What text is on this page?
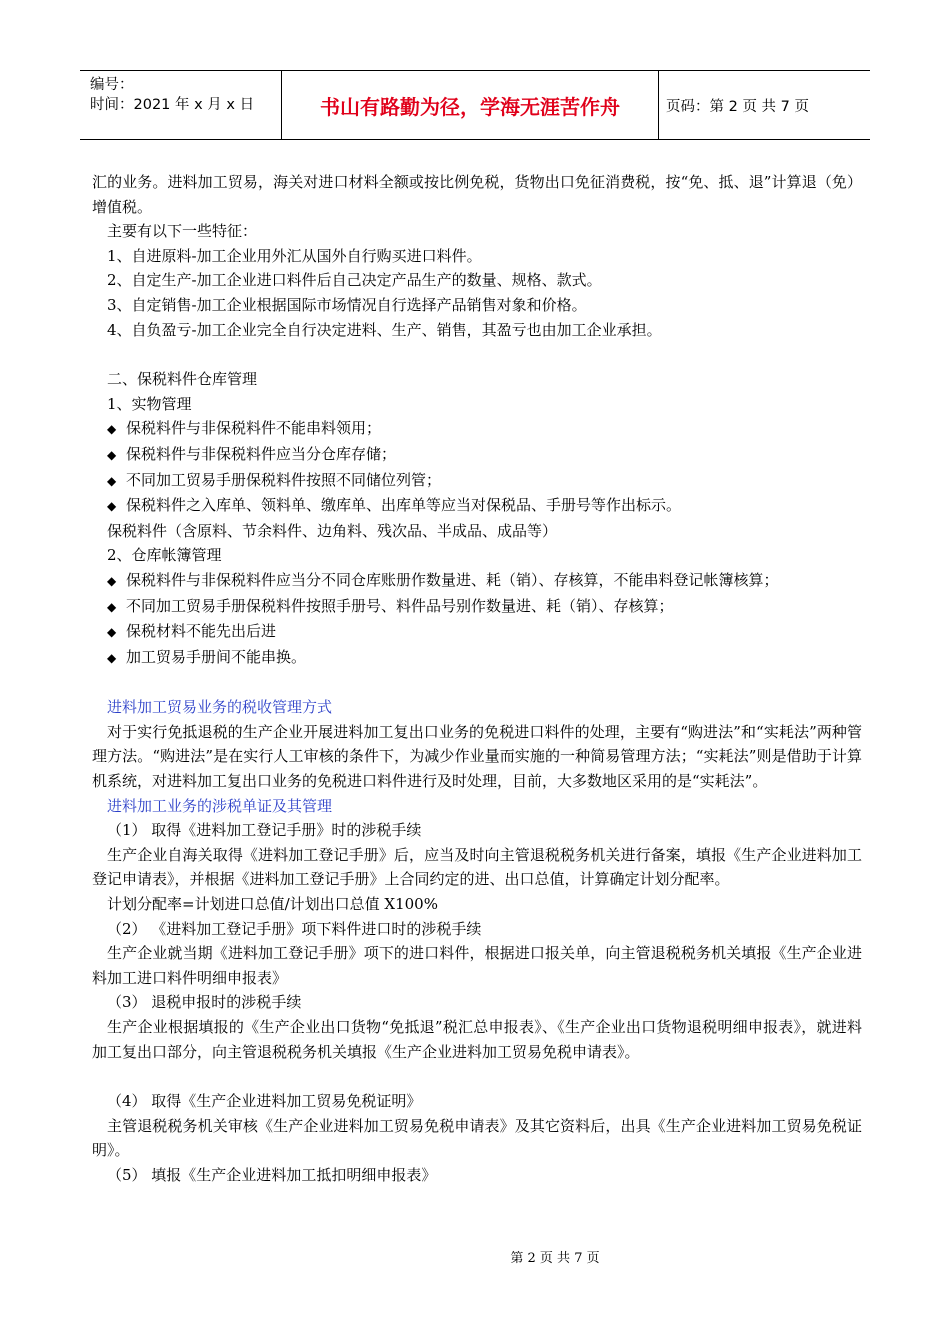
编号：
时间：2021 年 x 月 x 日	书山有路勤为径，学海无涯苦作舟	页码：第 2 页 共 7 页

汇的业务。进料加工贸易，海关对进口材料全额或按比例免税，货物出口免征消费税，按“免、抵、退”计算退（免）增值税。

主要有以下一些特征：

1、自进原料-加工企业用外汇从国外自行购买进口料件。

2、自定生产-加工企业进口料件后自己决定产品生产的数量、规格、款式。

3、自定销售-加工企业根据国际市场情况自行选择产品销售对象和价格。

4、自负盈亏-加工企业完全自行决定进料、生产、销售，其盈亏也由加工企业承担。

二、保税料件仓库管理

1、实物管理

◆ 保税料件与非保税料件不能串料领用；

◆ 保税料件与非保税料件应当分仓库存储；

◆ 不同加工贸易手册保税料件按照不同储位列管；

◆ 保税料件之入库单、领料单、缴库单、出库单等应当对保税品、手册号等作出标示。

保税料件（含原料、节余料件、边角料、残次品、半成品、成品等）

2、仓库帐簿管理

◆ 保税料件与非保税料件应当分不同仓库账册作数量进、耗（销）、存核算，不能串料登记帐簿核算；

◆ 不同加工贸易手册保税料件按照手册号、料件品号别作数量进、耗（销）、存核算；

◆ 保税材料不能先出后进

◆ 加工贸易手册间不能串换。

进料加工贸易业务的税收管理方式

对于实行免抵退税的生产企业开展进料加工复出口业务的免税进口料件的处理，主要有“购进法”和“实耗法”两种管理方法。“购进法”是在实行人工审核的条件下，为减少作业量而实施的一种简易管理方法；“实耗法”则是借助于计算机系统，对进料加工复出口业务的免税进口料件进行及时处理，目前，大多数地区采用的是“实耗法”。

进料加工业务的涉税单证及其管理

（1） 取得《进料加工登记手册》时的涉税手续

生产企业自海关取得《进料加工登记手册》后，应当及时向主管退税税务机关进行备案，填报《生产企业进料加工登记申请表》，并根据《进料加工登记手册》上合同约定的进、出口总值，计算确定计划分配率。

计划分配率=计划进口总值/计划出口总值 X100%

（2） 《进料加工登记手册》项下料件进口时的涉税手续

生产企业就当期《进料加工登记手册》项下的进口料件，根据进口报关单，向主管退税税务机关填报《生产企业进料加工进口料件明细申报表》

（3） 退税申报时的涉税手续

生产企业根据填报的《生产企业出口货物“免抵退”税汇总申报表》、《生产企业出口货物退税明细申报表》，就进料加工复出口部分，向主管退税税务机关填报《生产企业进料加工贸易免税申请表》。

（4） 取得《生产企业进料加工贸易免税证明》

主管退税税务机关审核《生产企业进料加工贸易免税申请表》及其它资料后，出具《生产企业进料加工贸易免税证明》。

（5） 填报《生产企业进料加工抵扣明细申报表》

第 2 页 共 7 页
